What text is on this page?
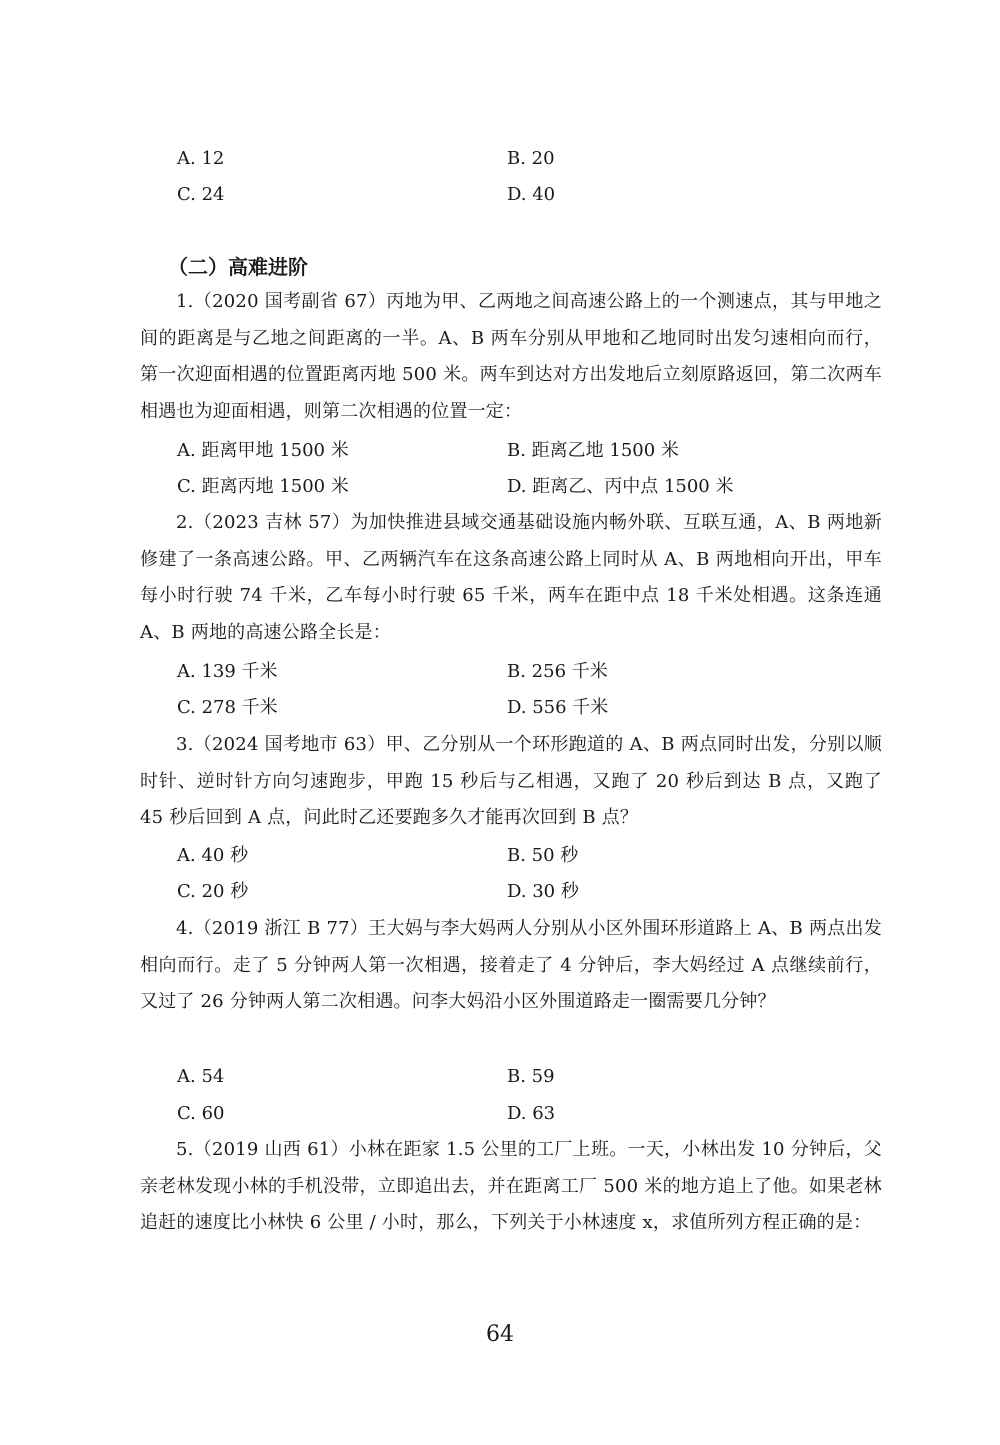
A. 12	B. 20
C. 24	D. 40
（二）高难进阶
1.（2020 国考副省 67）丙地为甲、乙两地之间高速公路上的一个测速点，其与甲地之间的距离是与乙地之间距离的一半。A、B 两车分别从甲地和乙地同时出发匀速相向而行，第一次迎面相遇的位置距离丙地 500 米。两车到达对方出发地后立刻原路返回，第二次两车相遇也为迎面相遇，则第二次相遇的位置一定：
A. 距离甲地 1500 米	B. 距离乙地 1500 米
C. 距离丙地 1500 米	D. 距离乙、丙中点 1500 米
2.（2023 吉林 57）为加快推进县域交通基础设施内畅外联、互联互通，A、B 两地新修建了一条高速公路。甲、乙两辆汽车在这条高速公路上同时从 A、B 两地相向开出，甲车每小时行驶 74 千米，乙车每小时行驶 65 千米，两车在距中点 18 千米处相遇。这条连通 A、B 两地的高速公路全长是：
A. 139 千米	B. 256 千米
C. 278 千米	D. 556 千米
3.（2024 国考地市 63）甲、乙分别从一个环形跑道的 A、B 两点同时出发，分别以顺时针、逆时针方向匀速跑步，甲跑 15 秒后与乙相遇，又跑了 20 秒后到达 B 点，又跑了 45 秒后回到 A 点，问此时乙还要跑多久才能再次回到 B 点？
A. 40 秒	B. 50 秒
C. 20 秒	D. 30 秒
4.（2019 浙江 B 77）王大妈与李大妈两人分别从小区外围环形道路上 A、B 两点出发相向而行。走了 5 分钟两人第一次相遇，接着走了 4 分钟后，李大妈经过 A 点继续前行，又过了 26 分钟两人第二次相遇。问李大妈沿小区外围道路走一圈需要几分钟？
A. 54	B. 59
C. 60	D. 63
5.（2019 山西 61）小林在距家 1.5 公里的工厂上班。一天，小林出发 10 分钟后，父亲老林发现小林的手机没带，立即追出去，并在距离工厂 500 米的地方追上了他。如果老林追赶的速度比小林快 6 公里 / 小时，那么，下列关于小林速度 x，求值所列方程正确的是：
64
